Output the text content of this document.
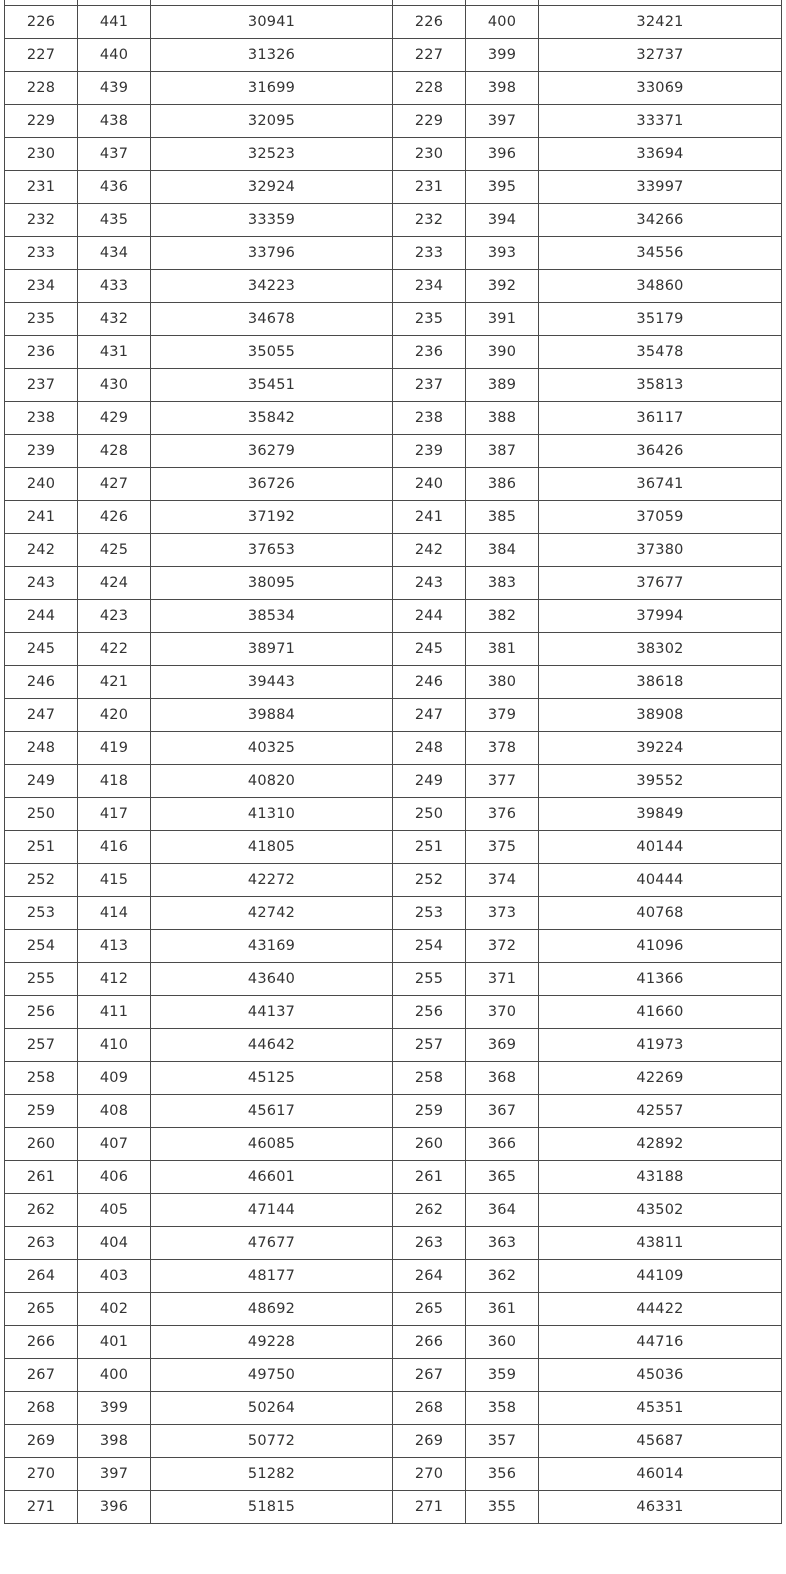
226	441	30941	226	400	32421
227	440	31326	227	399	32737
228	439	31699	228	398	33069
229	438	32095	229	397	33371
230	437	32523	230	396	33694
231	436	32924	231	395	33997
232	435	33359	232	394	34266
233	434	33796	233	393	34556
234	433	34223	234	392	34860
235	432	34678	235	391	35179
236	431	35055	236	390	35478
237	430	35451	237	389	35813
238	429	35842	238	388	36117
239	428	36279	239	387	36426
240	427	36726	240	386	36741
241	426	37192	241	385	37059
242	425	37653	242	384	37380
243	424	38095	243	383	37677
244	423	38534	244	382	37994
245	422	38971	245	381	38302
246	421	39443	246	380	38618
247	420	39884	247	379	38908
248	419	40325	248	378	39224
249	418	40820	249	377	39552
250	417	41310	250	376	39849
251	416	41805	251	375	40144
252	415	42272	252	374	40444
253	414	42742	253	373	40768
254	413	43169	254	372	41096
255	412	43640	255	371	41366
256	411	44137	256	370	41660
257	410	44642	257	369	41973
258	409	45125	258	368	42269
259	408	45617	259	367	42557
260	407	46085	260	366	42892
261	406	46601	261	365	43188
262	405	47144	262	364	43502
263	404	47677	263	363	43811
264	403	48177	264	362	44109
265	402	48692	265	361	44422
266	401	49228	266	360	44716
267	400	49750	267	359	45036
268	399	50264	268	358	45351
269	398	50772	269	357	45687
270	397	51282	270	356	46014
271	396	51815	271	355	46331
